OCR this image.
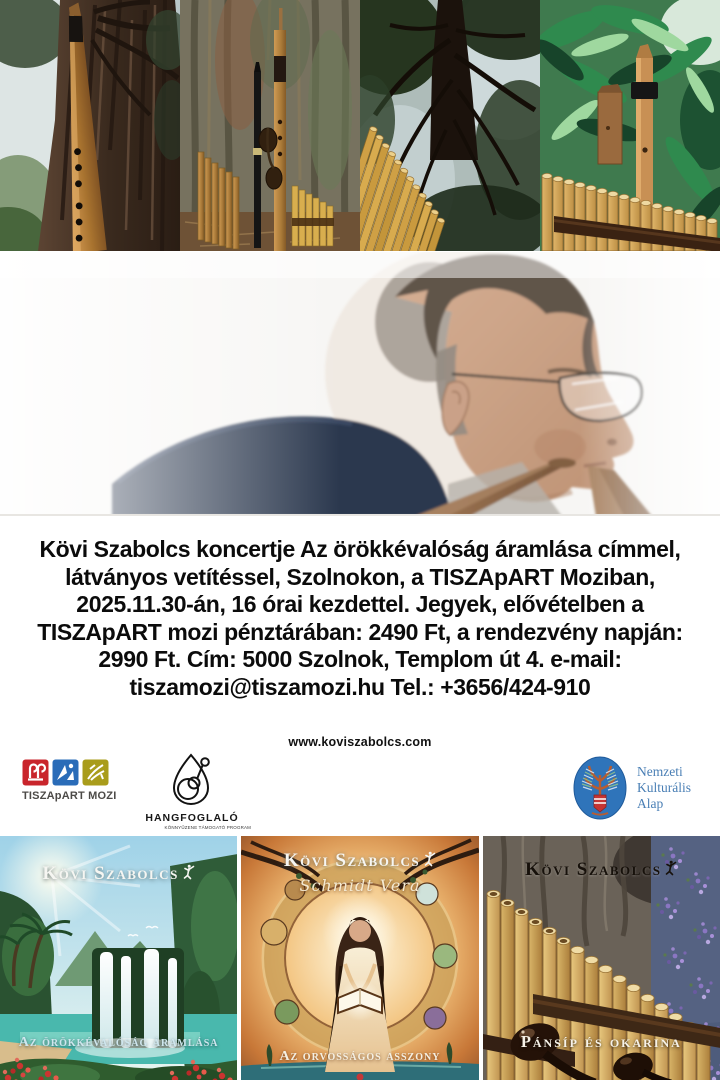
Kövi Szabolcs koncertje Az örökkévalóság áramlása címmel,
látványos vetítéssel, Szolnokon, a TISZApART Moziban,
2025.11.30-án, 16 órai kezdettel. Jegyek, elővételben a
TISZApART mozi pénztárában: 2490 Ft, a rendezvény napján:
2990 Ft. Cím: 5000 Szolnok, Templom út 4. e-mail:
tiszamozi@tiszamozi.hu Tel.: +3656/424-910
www.koviszabolcs.com
TISZApART MOZI
HANGFOGLALÓ
KÖNNYŰZENE TÁMOGATÓ PROGRAM
Nemzeti
Kulturális
Alap
Kövi Szabolcs
Az örökkévalóság áramlása
Kövi Szabolcs
Schmidt Vera
Az orvosságos asszony
Kövi Szabolcs
Pánsíp és okarina
